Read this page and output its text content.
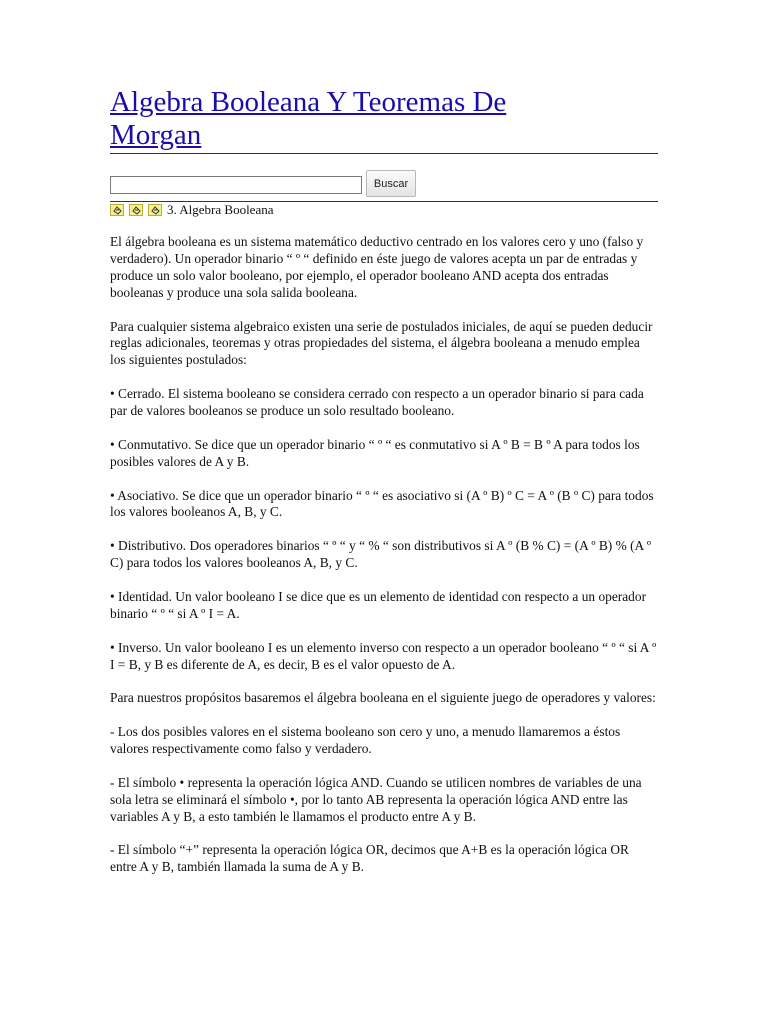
Algebra Booleana Y Teoremas De
Morgan
Buscar
3. Algebra Booleana

El álgebra booleana es un sistema matemático deductivo centrado en los valores cero y uno (falso y verdadero). Un operador binario “ º “ definido en éste juego de valores acepta un par de entradas y produce un solo valor booleano, por ejemplo, el operador booleano AND acepta dos entradas booleanas y produce una sola salida booleana.

Para cualquier sistema algebraico existen una serie de postulados iniciales, de aquí se pueden deducir reglas adicionales, teoremas y otras propiedades del sistema, el álgebra booleana a menudo emplea los siguientes postulados:

• Cerrado. El sistema booleano se considera cerrado con respecto a un operador binario si para cada par de valores booleanos se produce un solo resultado booleano.

• Conmutativo. Se dice que un operador binario “ º “ es conmutativo si A º B = B º A para todos los posibles valores de A y B.

• Asociativo. Se dice que un operador binario “ º “ es asociativo si (A º B) º C = A º (B º C) para todos los valores booleanos A, B, y C.

• Distributivo. Dos operadores binarios “ º “ y “ % “ son distributivos si A º (B % C) = (A º B) % (A º C) para todos los valores booleanos A, B, y C.

• Identidad. Un valor booleano I se dice que es un elemento de identidad con respecto a un operador binario “ º “ si A º I = A.

• Inverso. Un valor booleano I es un elemento inverso con respecto a un operador booleano “ º “ si A º I = B, y B es diferente de A, es decir, B es el valor opuesto de A.

Para nuestros propósitos basaremos el álgebra booleana en el siguiente juego de operadores y valores:

- Los dos posibles valores en el sistema booleano son cero y uno, a menudo llamaremos a éstos valores respectivamente como falso y verdadero.

- El símbolo • representa la operación lógica AND. Cuando se utilicen nombres de variables de una sola letra se eliminará el símbolo •, por lo tanto AB representa la operación lógica AND entre las variables A y B, a esto también le llamamos el producto entre A y B.

- El símbolo “+” representa la operación lógica OR, decimos que A+B es la operación lógica OR entre A y B, también llamada la suma de A y B.
